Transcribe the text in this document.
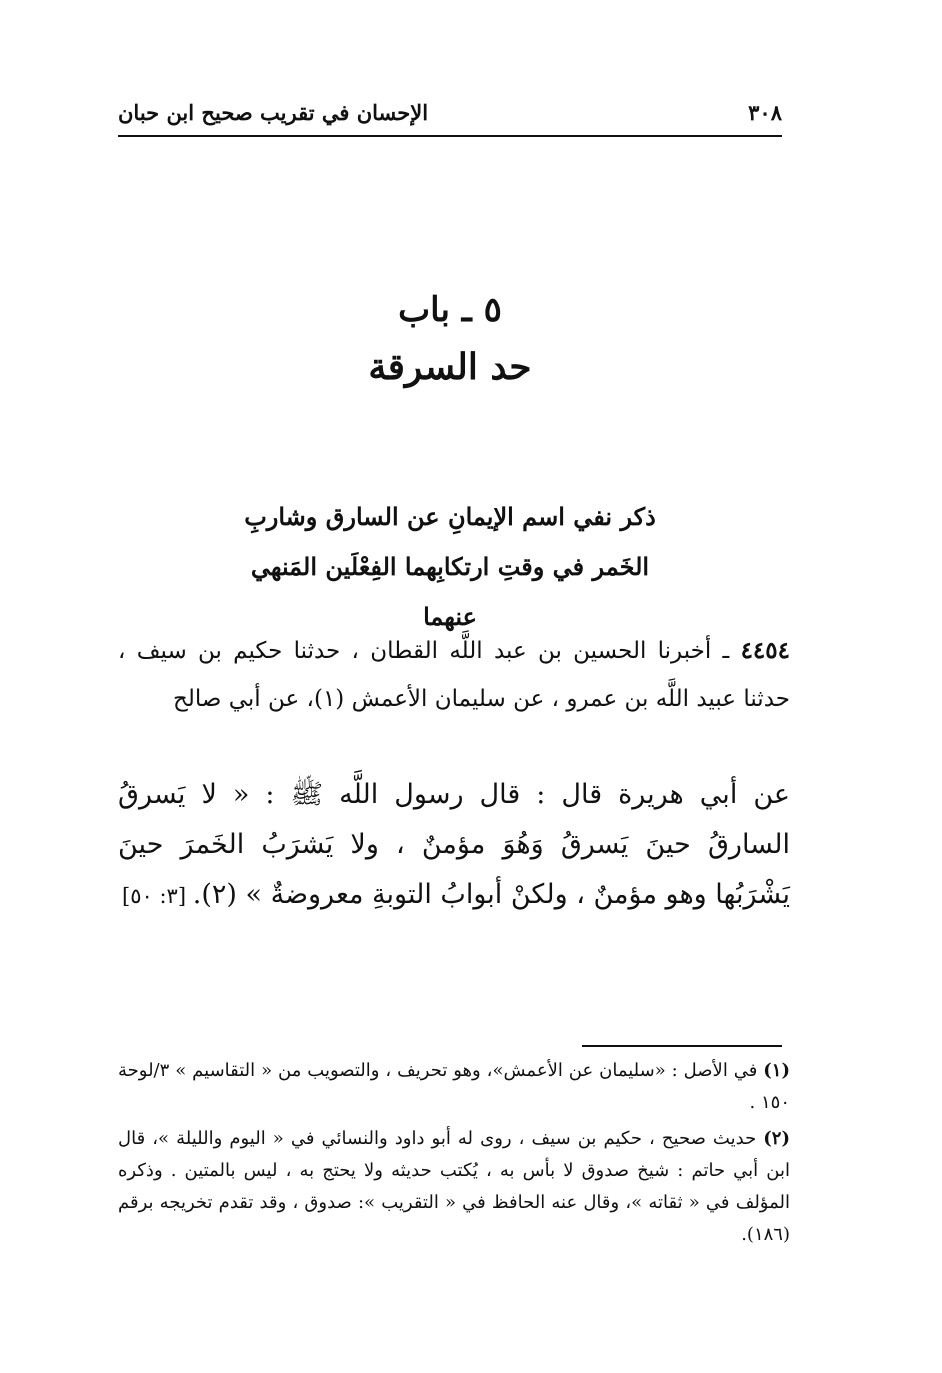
٣٠٨
الإحسان في تقريب صحيح ابن حبان
٥ ـ باب
حد السرقة
ذكر نفي اسم الإيمانِ عن السارق وشاربِ
الخَمر في وقتِ ارتكابِهما الفِعْلَين المَنهي
عنهما
٤٤٥٤ ـ أخبرنا الحسين بن عبد اللَّه القطان ، حدثنا حكيم بن سيف ، حدثنا عبيد اللَّه بن عمرو ، عن سليمان الأعمش (١)، عن أبي صالح
عن أبي هريرة قال : قال رسول اللَّه ﷺ : « لا يَسرقُ السارقُ حينَ يَسرقُ وَهُوَ مؤمنٌ ، ولا يَشرَبُ الخَمرَ حينَ يَشْرَبُها وهو مؤمنٌ ، ولكنْ أبوابُ التوبةِ معروضةٌ » (٢).
[٣: ٥٠]
(١) في الأصل : «سليمان عن الأعمش»، وهو تحريف ، والتصويب من « التقاسيم » ٣/لوحة ١٥٠ .
(٢) حديث صحيح ، حكيم بن سيف ، روى له أبو داود والنسائي في « اليوم والليلة »، قال ابن أبي حاتم : شيخ صدوق لا بأس به ، يُكتب حديثه ولا يحتج به ، ليس بالمتين . وذكره المؤلف في « ثقاته »، وقال عنه الحافظ في « التقريب »: صدوق ، وقد تقدم تخريجه برقم (١٨٦).
